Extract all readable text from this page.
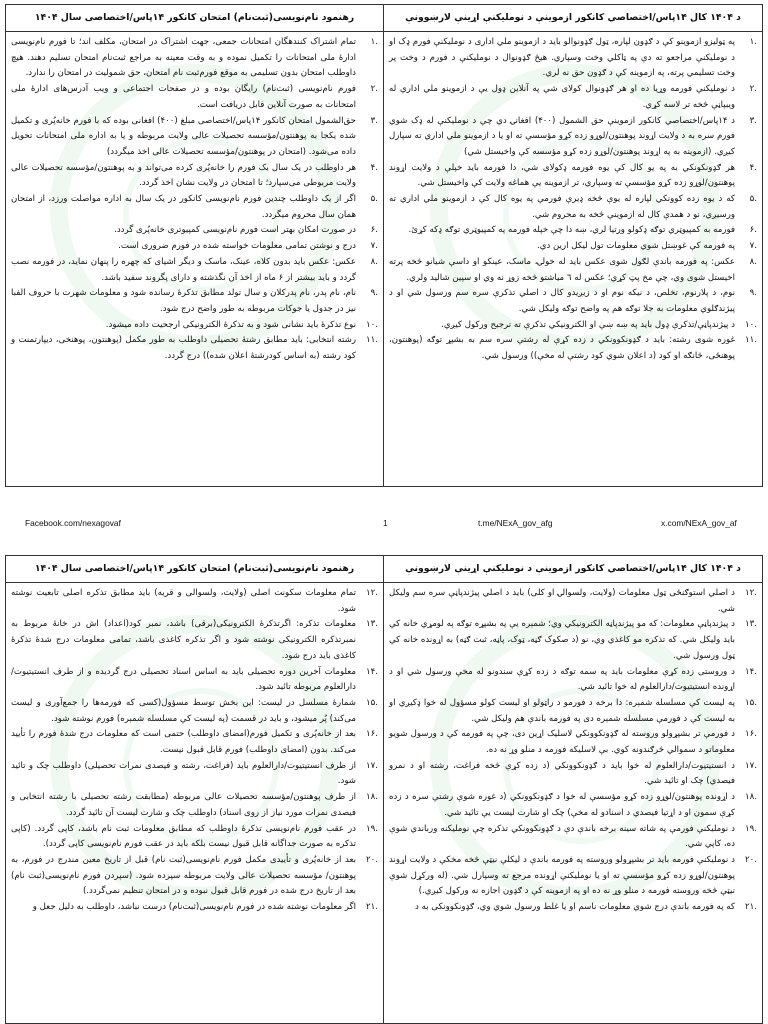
رهنمود نام‌نویسی(ثبت‌نام) امتحان کانکور ۱۴پاس/اختصاصی سال ۱۴۰۴
.۱
تمام اشتراک کنندهگان امتحانات جمعی، جهت اشتراک در امتحان، مکلف اند؛ تا فورم نام‌نویسی ادارهٔ ملی امتحانات را تکمیل نموده و به وقت معینه به مراجع ثبت‌نام امتحان تسلیم دهند. هیچ داوطلب امتحان بدون تسلیمی به موقع فورم‌ثبت نام امتحان، حق شمولیت در امتحان را ندارد.
.۲
فورم نام‌نویسی (ثبت‌نام) رایگان بوده و در صفحات اجتماعی و ویب آدرس‌های ادارهٔ ملی امتحانات به صورت آنلاین قابل دریافت است.
.۳
حق‌الشمول امتحان کانکور ۱۴پاس/اختصاصی مبلغ (۴۰۰) افغانی بوده که با فورم خانه‌پُری و تکمیل شده یکجا به پوهنتون/مؤسسه تحصیلات عالی ولایت مربوطه و یا به اداره ملی امتحانات تحویل داده می‌شود. (امتحان در پوهنتون/مؤسسه تحصیلات عالی اخذ میگردد)
.۴
هر داوطلب در یک سال یک فورم را خانه‌پُری کرده می‌تواند و به پوهنتون/مؤسسه تحصیلات عالی ولایت مربوطی می‌سپارد؛ تا امتحان در ولایت نشان اخذ گردد.
.۵
اگر از یک داوطلب چندین فورم نام‌نویسی کانکور در یک سال به اداره مواصلت ورزد، از امتحان همان سال محروم میگردد.
.۶
در صورت امکان بهتر است فورم نام‌نویسی کمپیوتری خانه‌پُری گردد.
.۷
درج و نوشتن تمامی معلومات خواسته شده در فورم ضروری است.
.۸
عکس: عکس باید بدون کلاه، عینک، ماسک و دیگر اشیای که چهره را پنهان نماید، در فورمه نصب گردد و باید بیشتر از ۶ ماه از اخذ آن نگذشته و دارای پگروند سفید باشد.
.۹
نام، نام پدر، نام پدرکلان و سال تولد مطابق تذکرهٔ رسانده شود و معلومات شهرت با حروف الفبا نیز در جدول یا جوکات مربوطه به طور واضح درج شود.
.۱۰
نوع تذکرهٔ باید نشانی شود و به تذکرهٔ الکترونیکی ارجحیت داده میشود.
.۱۱
رشته انتخابی: باید مطابق رشتهٔ تحصیلی داوطلب به طور مکمل (پوهنتون، پوهنخی، دیپارتمنت و کود رشته (به اساس کودرشتهٔ اعلان شده)) درج گردد.
د ۱۴۰۴ کال ۱۴پاس/اختصاصي کانکور ازموینې د نوملیکنې اړینې لارښوونې
.۱
په ټولیزو ازموینو کې د ګډون لپاره، ټول ګډونوالو باید د ازموینو ملي اداری د نوملیکنې فورم ډک او د نوملیکنې مراجعو ته دې په ټاکلي وخت وسپاري. هیڅ ګډونوال د نوملیکنې د فورم د وخت پر وخت تسلیمي پرته، په ازموینه کې د ګډون حق نه لري.
.۲
د نوملیکنې فورمه وړیا ده او هر ګډونوال کولای شي په آنلاین ډول یې د ازموینو ملي اداري له ویبپاڼې څخه تر لاسه کړي.
.۳
د ۱۴پاس/اختصاصي کانکور ازموینې حق الشمول (۴۰۰) افغانۍ دي چې د نوملیکنې له ډک شوي فورم سره به د ولایت اړوند پوهنتون/لوړو زده کړو مؤسسې ته او یا د ازموینو ملي اداري ته سپارل کیږي. (ازموینه به په اړوند پوهنتون/لوړو زده کړو مؤسسه کې واخیستل شي)
.۴
هر ګډونکونکي به په یو کال کې یوه فورمه ډکولای شي، دا فورمه باید خپلې د ولایت اړوند پوهنتون/لوړو زده کړو مؤسسې ته وسپاري، تر ازموینه یې هماغه ولایت کې واخیستل شي.
.۵
که د یوه زده کوونکي لپاره له یوې څخه ډیرې فورمې په یوه کال کې د ازموینو ملي اداري ته ورسیږي، نو د همدې کال له ازموینې څخه به محروم شي.
.۶
فورمه به کمپیوټري توګه ډکولو ورتیا لري، ښه دا چې خپله فورمه په کمپیوټري توګه ډکه کړئ.
.۷
په فورمه کې غوښتل شوي معلومات تول لیکل ارین دي.
.۸
عکس: په فورمه باندې لګول شوی عکس باید له خولۍ، ماسک، عینکو او داسې شیانو څخه پرته اخیستل شوی وي، چې مخ پټ کړي؛ عکس له ٦ میاشتو څخه زوړ نه وي او سپین شالید ولري.
.۹
نوم، د پلارنوم، تخلص، د نیکه نوم او د زیږیدو کال د اصلي تذکرې سره سم ورسول شي او د پیژندګلوي معلومات به جلا توګه هم په واضح توګه ولیکل شي.
.۱۰
د پیژندپاڼې/تذکرې ډول باید په ښه ښې او الکترونیکي تذکرې ته ترجیح ورکول کیږي.
.۱۱
غوره شوی رشته: باید د ګډونکوونکي د زده کړې له رشتې سره سم به بشپړ توګه (پوهنتون، پوهنځی، څانګه او کود (د اعلان شوي کود رشتې له مخې)) ورسول شي.
Facebook.com/nexagovaf	1	t.me/NExA_gov_afg	x.com/NExA_gov_af
رهنمود نام‌نویسی(ثبت‌نام) امتحان کانکور ۱۴پاس/اختصاصی سال ۱۴۰۴
.۱۲
تمام معلومات سکونت اصلی (ولایت، ولسوالی و قریه) باید مطابق تذکره اصلی تابعیت نوشته شود.
.۱۳
معلومات تذکره: اگرتذکرهٔ الکترونیکی(برقی) باشد، نمبر کود(اعداد) اش در خانهٔ مربوط به نمبرتذکره الکترونیکی نوشته شود و اگر تذکره کاغذی باشد، تمامی معلومات درج شدهٔ تذکرهٔ کاغذی باید درج شود.
.۱۴
معلومات آخرین دوره تحصیلی باید به اساس اسناد تحصیلی درج گردیده و از طرف انستیتیوت/دارالعلوم مربوطه تائید شود.
.۱۵
شمارهٔ مسلسل در لیست: این بخش توسط مسؤول(کسی که فورمه‌ها را جمع‌آوری و لیست می‌کند) پُر میشود، و باید در قسمت (په لیست کې مسلسله شمېره) فورم نوشته شود.
.۱۶
بعد از خانه‌پُری و تکمیل فورم(امضای داوطلب) حتمی است که معلومات درج شدهٔ فورم را تأیید می‌کند. بدون (امضای داوطلب) فورم قابل قبول نیست.
.۱۷
از طرف انستیتیوت/دارالعلوم باید (فراغت، رشته و فیصدی نمرات تحصیلی) داوطلب چک و تائید شود.
.۱۸
از طرف پوهنتون/مؤسسه تحصیلات عالی مربوطه (مطابقت رشته تحصیلی با رشته انتخابی و فیصدی نمرات مورد نیاز از روی اسناد) داوطلب چک و شارت لیست آن تائید گردد.
.۱۹
در عقب فورم نام‌نویسی تذکرهٔ داوطلب که مطابق معلومات ثبت نام باشد، کاپی گردد. (کاپی تذکره به صورت جداگانه قابل قبول نیست بلکه باید در عقب فورم نام‌نویسی کاپی گردد).
.۲۰
بعد از خانه‌پُری و تأییدی مکمل فورم نام‌نویسی(ثبت نام) قبل از تاریخ معین مندرج در فورم، به پوهنتون/ مؤسسه تحصیلات عالی ولایت مربوطه سپرده شود. (سپردن فورم نام‌نویسی(ثبت نام) بعد از تاریخ درج شده در فورم قابل قبول نبوده و در امتحان تنظیم نمی‌گردد.)
.۲۱
اگر معلومات نوشته شده در فورم نام‌نویسی(ثبت‌نام) درست نباشد، داوطلب به دلیل جعل و
د ۱۴۰۴ کال ۱۴پاس/اختصاصي کانکور ازموینې د نوملیکنې اړینې لارښوونې
.۱۲
د اصلي استوګنځی ټول معلومات (ولایت، ولسوالۍ او کلی) باید د اصلي پیژندپاڼې سره سم ولیکل شي.
.۱۳
د پیژندپاڼې معلومات: که مو پیژندپاڼه الکترونیکي وي؛ شمېره یې په بشپړه توګه په لومړي خانه کې باید ولیکل شي. که تذکره مو کاغذي وي، نو (د صکوک ګڼه، ټوک، پاڼه، ثبت ګڼه) به اړونده خانه کې ټول ورسول شي.
.۱۴
د وروستی زده کړې معلومات باید په سمه توګه د زده کړې سندونو له مخې ورسول شي او د اړونده انستیتیوت/دارالعلوم له خوا تائید شي.
.۱۵
په لیست کې مسلسله شمېره: دا برخه د فورمو د راټولو او لیست کولو مسؤول له خوا ډکیږي او به لیست کې د فورمې مسلسله شمېره دی په فورمه باندې هم ولیکل شي.
.۱۶
د فورمې تر بشپړولو وروسته له ګډونکوونکي لاسلیک اړین دی، چې په فورمه کې د ورسول شویو معلوماتو د سموالي څرګندونه کوي. بې لاسلیکه فورمه د منلو وړ نه ده.
.۱۷
د انستیتیوت/دارالعلوم له خوا باید د ګډونکوونکي (د زده کړې څخه فراغت، رشته او د نمرو فیصدي) چک او تائید شي.
.۱۸
د اړونده پوهنتون/لوړو زده کړو مؤسسې له خوا د ګډونکوونکي (د غوره شوې رشتې سره د زده کړې سمون او د اړتیا فیصدي د اسنادو له مخې) چک او شارت لیست یې تائید شي.
.۱۹
د نوملیکنې فورمې په شاته سینه برخه باندې دې د ګډونکوونکي تذکره چې نوملیکنه ورباندي شوې ده، کاپي شي.
.۲۰
د نوملیکنې فورمه باید تر بشپړولو وروسته په فورمه باندې د لیکلې نیټې څخه مخکې د ولایت اړوند پوهنتون/لوړو زده کړو مؤسسې ته او یا نوملیکنې اړونده مرجع ته وسپارل شي. (له ورکړل شوې نیټې څخه وروسته فورمه د منلو وړ نه ده او په ازموینه کې د ګډون اجازه نه ورکول کیږي.)
.۲۱
که په فورمه باندې درج شوي معلومات ناسم او یا غلط ورسول شوي وي، ګډونکوونکی به د
